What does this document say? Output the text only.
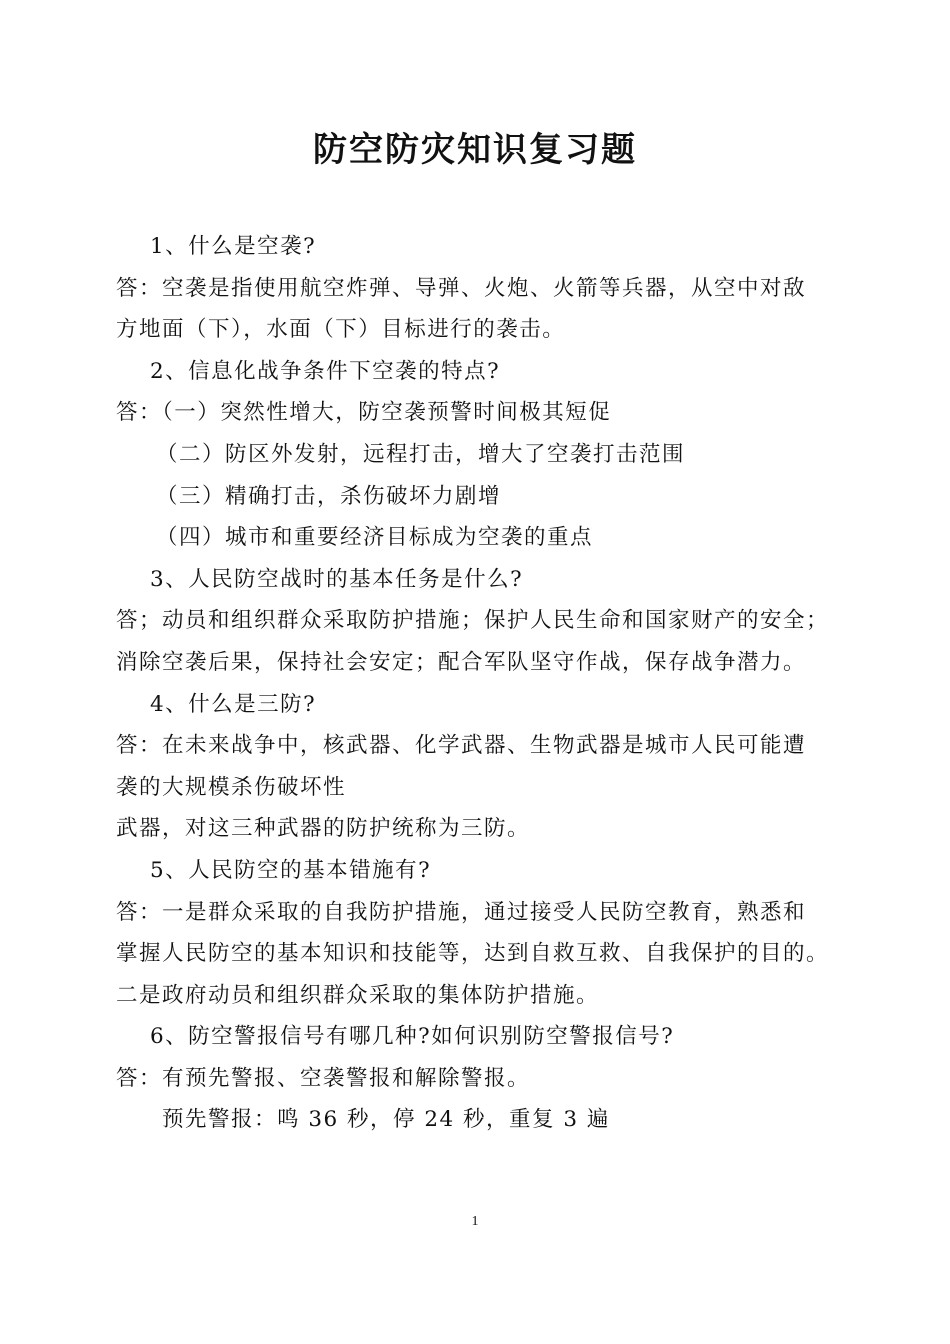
防空防灾知识复习题
1、什么是空袭?
答：空袭是指使用航空炸弹、导弹、火炮、火箭等兵器，从空中对敌
方地面（下），水面（下）目标进行的袭击。
2、信息化战争条件下空袭的特点?
答：（一）突然性增大，防空袭预警时间极其短促
（二）防区外发射，远程打击，增大了空袭打击范围
（三）精确打击，杀伤破坏力剧增
（四）城市和重要经济目标成为空袭的重点
3、人民防空战时的基本任务是什么?
答；动员和组织群众采取防护措施；保护人民生命和国家财产的安全；
消除空袭后果，保持社会安定；配合军队坚守作战，保存战争潜力。
4、什么是三防?
答：在未来战争中，核武器、化学武器、生物武器是城市人民可能遭
袭的大规模杀伤破坏性
武器，对这三种武器的防护统称为三防。
5、人民防空的基本错施有?
答：一是群众采取的自我防护措施，通过接受人民防空教育，熟悉和
掌握人民防空的基本知识和技能等，达到自救互救、自我保护的目的。
二是政府动员和组织群众采取的集体防护措施。
6、防空警报信号有哪几种?如何识别防空警报信号?
答：有预先警报、空袭警报和解除警报。
预先警报：鸣 36 秒，停 24 秒，重复 3 遍
1
